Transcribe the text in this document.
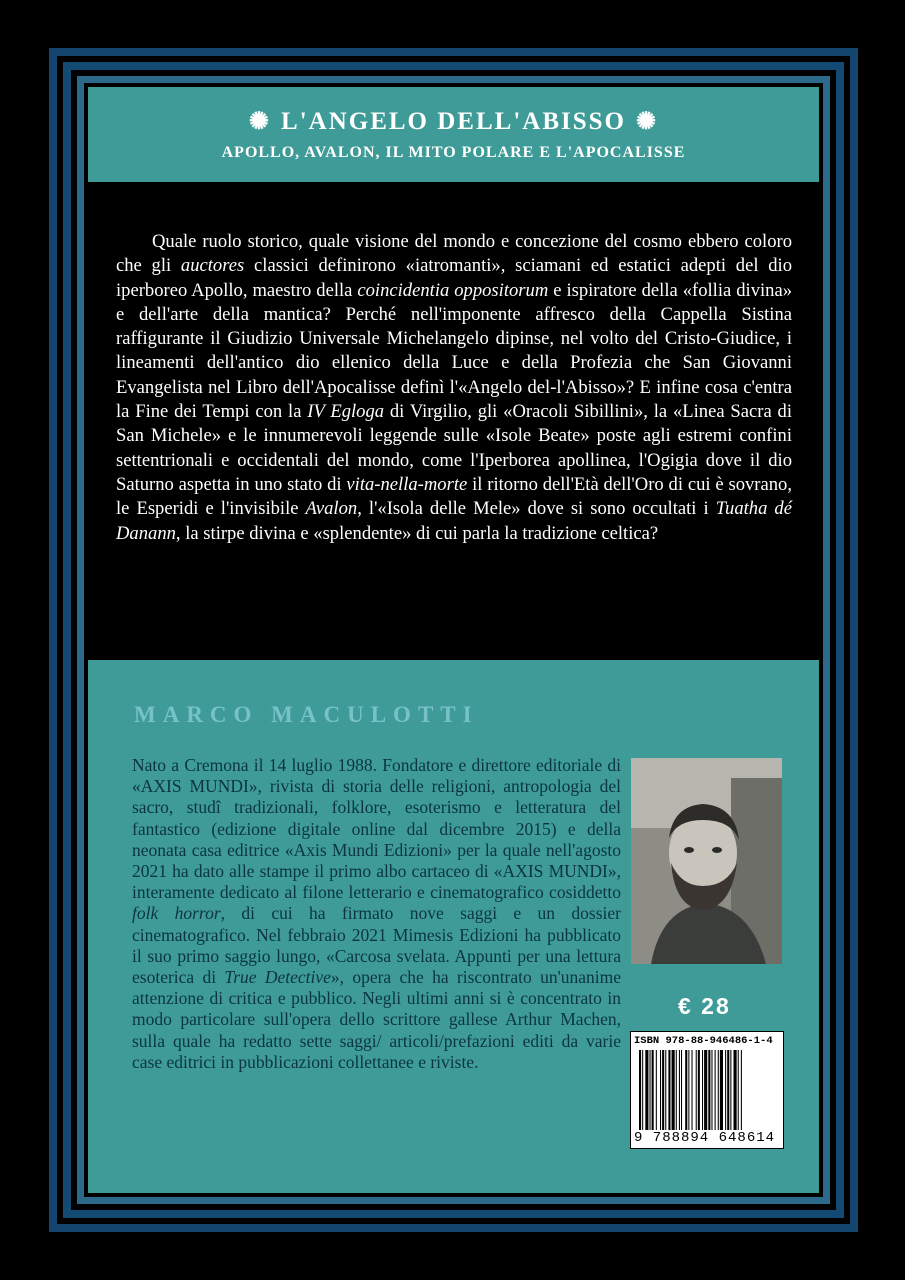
✺ L'ANGELO DELL'ABISSO ✺
APOLLO, AVALON, IL MITO POLARE E L'APOCALISSE

Quale ruolo storico, quale visione del mondo e concezione del cosmo ebbero coloro che gli auctores classici definirono «iatromanti», sciamani ed estatici adepti del dio iperboreo Apollo, maestro della coincidentia oppositorum e ispiratore della «follia divina» e dell'arte della mantica? Perché nell'imponente affresco della Cappella Sistina raffigurante il Giudizio Universale Michelangelo dipinse, nel volto del Cristo-Giudice, i lineamenti dell'antico dio ellenico della Luce e della Profezia che San Giovanni Evangelista nel Libro dell'Apocalisse definì l'«Angelo del-l'Abisso»? E infine cosa c'entra la Fine dei Tempi con la IV Egloga di Virgilio, gli «Oracoli Sibillini», la «Linea Sacra di San Michele» e le innumerevoli leggende sulle «Isole Beate» poste agli estremi confini settentrionali e occidentali del mondo, come l'Iperborea apollinea, l'Ogigia dove il dio Saturno aspetta in uno stato di vita-nella-morte il ritorno dell'Età dell'Oro di cui è sovrano, le Esperidi e l'invisibile Avalon, l'«Isola delle Mele» dove si sono occultati i Tuatha dé Danann, la stirpe divina e «splendente» di cui parla la tradizione celtica?

MARCO MACULOTTI

Nato a Cremona il 14 luglio 1988. Fondatore e direttore editoriale di «AXIS MUNDI», rivista di storia delle religioni, antropologia del sacro, studî tradizionali, folklore, esoterismo e letteratura del fantastico (edizione digitale online dal dicembre 2015) e della neonata casa editrice «Axis Mundi Edizioni» per la quale nell'agosto 2021 ha dato alle stampe il primo albo cartaceo di «AXIS MUNDI», interamente dedicato al filone letterario e cinematografico cosiddetto folk horror, di cui ha firmato nove saggi e un dossier cinematografico. Nel febbraio 2021 Mimesis Edizioni ha pubblicato il suo primo saggio lungo, «Carcosa svelata. Appunti per una lettura esoterica di True Detective», opera che ha riscontrato un'unanime attenzione di critica e pubblico. Negli ultimi anni si è concentrato in modo particolare sull'opera dello scrittore gallese Arthur Machen, sulla quale ha redatto sette saggi/ articoli/prefazioni editi da varie case editrici in pubblicazioni collettanee e riviste.

€ 28
ISBN 978-88-946486-1-4
9 788894 648614
